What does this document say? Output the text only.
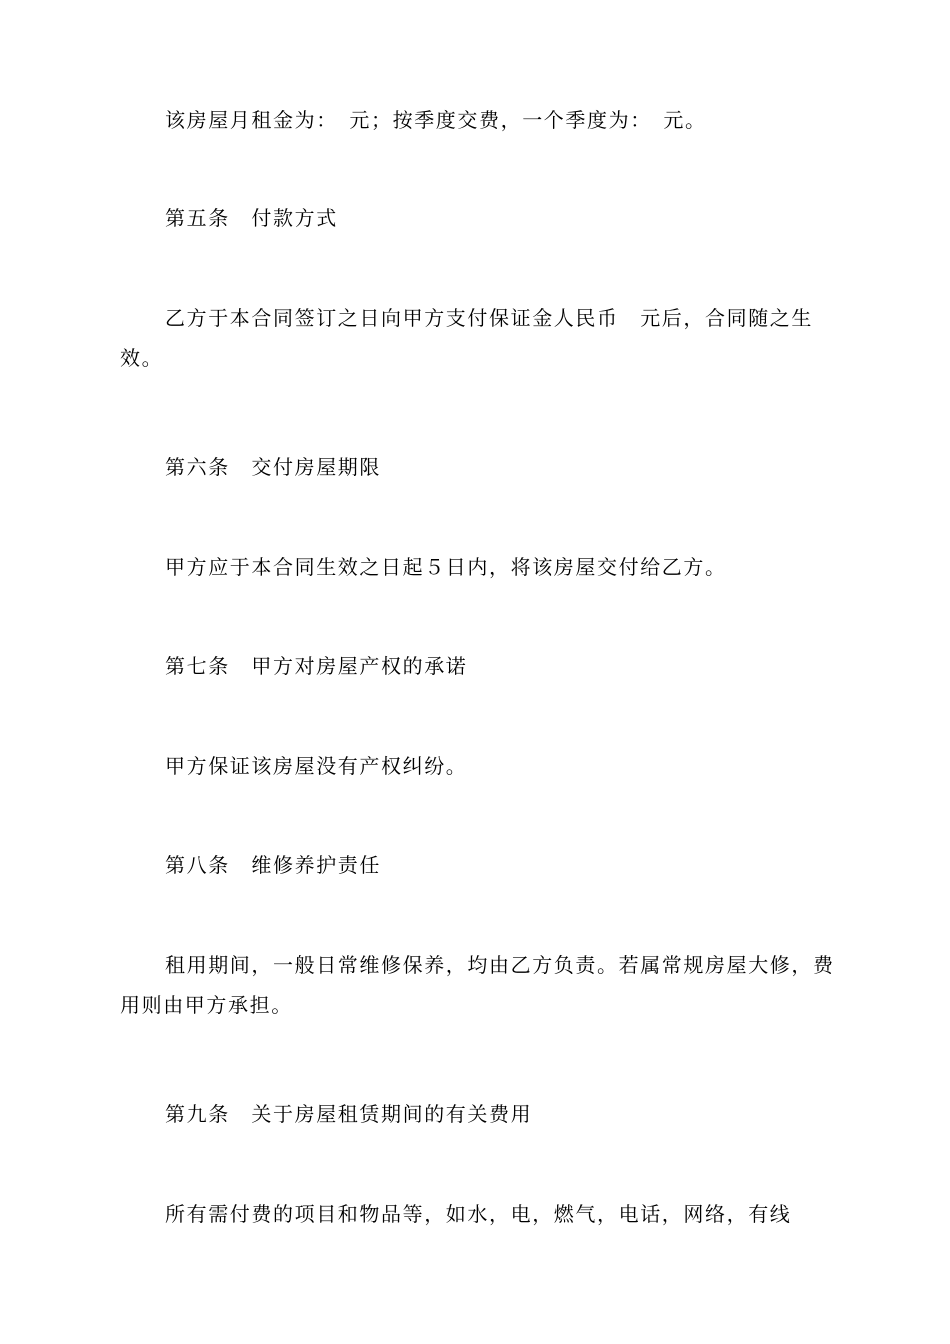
该房屋月租金为：　元；按季度交费，一个季度为：　元。

第五条　付款方式

乙方于本合同签订之日向甲方支付保证金人民币　元后，合同随之生效。

第六条　交付房屋期限

甲方应于本合同生效之日起５日内，将该房屋交付给乙方。

第七条　甲方对房屋产权的承诺

甲方保证该房屋没有产权纠纷。

第八条　维修养护责任

租用期间，一般日常维修保养，均由乙方负责。若属常规房屋大修，费用则由甲方承担。

第九条　关于房屋租赁期间的有关费用

所有需付费的项目和物品等，如水，电，燃气，电话，网络，有线
